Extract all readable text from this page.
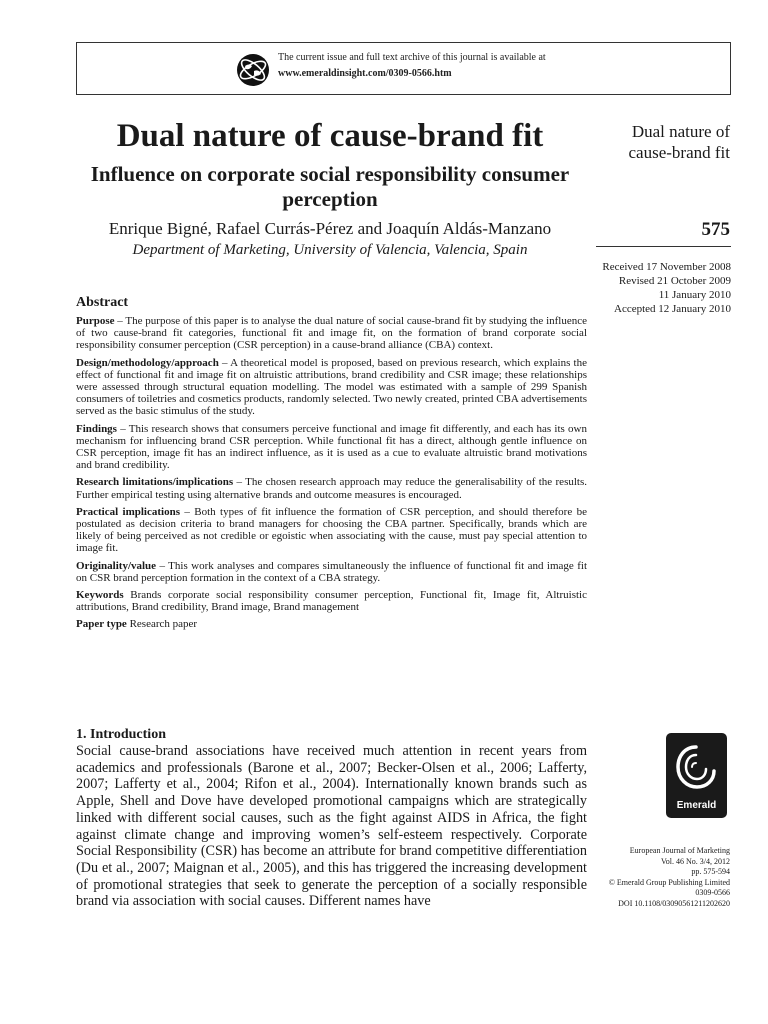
The current issue and full text archive of this journal is available at
www.emeraldinsight.com/0309-0566.htm
Dual nature of cause-brand fit
Influence on corporate social responsibility consumer perception
Enrique Bigné, Rafael Currás-Pérez and Joaquín Aldás-Manzano
Department of Marketing, University of Valencia, Valencia, Spain
Dual nature of cause-brand fit
575
Received 17 November 2008
Revised 21 October 2009
11 January 2010
Accepted 12 January 2010
Abstract

Purpose – The purpose of this paper is to analyse the dual nature of social cause-brand fit by studying the influence of two cause-brand fit categories, functional fit and image fit, on the formation of brand corporate social responsibility consumer perception (CSR perception) in a cause-brand alliance (CBA) context.

Design/methodology/approach – A theoretical model is proposed, based on previous research, which explains the effect of functional fit and image fit on altruistic attributions, brand credibility and CSR image; these relationships were assessed through structural equation modelling. The model was estimated with a sample of 299 Spanish consumers of toiletries and cosmetics products, randomly selected. Two newly created, printed CBA advertisements served as the basic stimulus of the study.

Findings – This research shows that consumers perceive functional and image fit differently, and each has its own mechanism for influencing brand CSR perception. While functional fit has a direct, although gentle influence on CSR perception, image fit has an indirect influence, as it is used as a cue to evaluate altruistic brand motivations and brand credibility.

Research limitations/implications – The chosen research approach may reduce the generalisability of the results. Further empirical testing using alternative brands and outcome measures is encouraged.

Practical implications – Both types of fit influence the formation of CSR perception, and should therefore be postulated as decision criteria to brand managers for choosing the CBA partner. Specifically, brands which are likely of being perceived as not credible or egoistic when associating with the cause, must pay special attention to image fit.

Originality/value – This work analyses and compares simultaneously the influence of functional fit and image fit on CSR brand perception formation in the context of a CBA strategy.

Keywords Brands corporate social responsibility consumer perception, Functional fit, Image fit, Altruistic attributions, Brand credibility, Brand image, Brand management

Paper type Research paper

1. Introduction
Social cause-brand associations have received much attention in recent years from academics and professionals (Barone et al., 2007; Becker-Olsen et al., 2006; Lafferty, 2007; Lafferty et al., 2004; Rifon et al., 2004). Internationally known brands such as Apple, Shell and Dove have developed promotional campaigns which are strategically linked with different social causes, such as the fight against AIDS in Africa, the fight against climate change and improving women’s self-esteem respectively. Corporate Social Responsibility (CSR) has become an attribute for brand competitive differentiation (Du et al., 2007; Maignan et al., 2005), and this has triggered the increasing development of promotional strategies that seek to generate the perception of a socially responsible brand via association with social causes. Different names have
Emerald
European Journal of Marketing
Vol. 46 No. 3/4, 2012
pp. 575-594
© Emerald Group Publishing Limited
0309-0566
DOI 10.1108/03090561211202620
